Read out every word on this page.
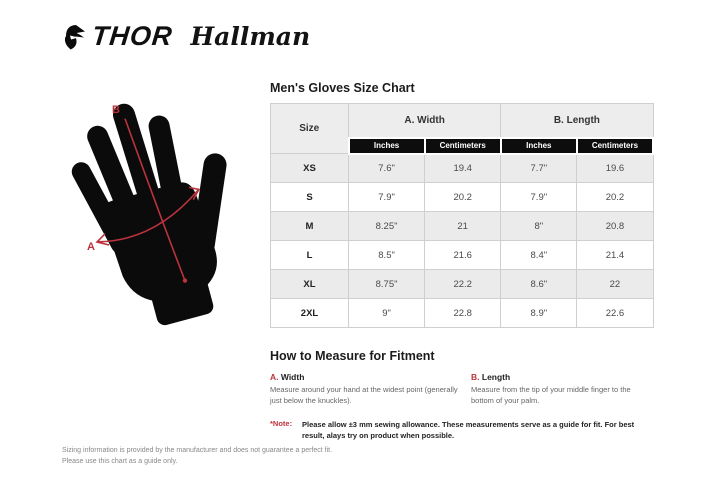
THOR Hallman
A
B
Men's Gloves Size Chart
Size	A. Width		B. Length	
	Inches	Centimeters	Inches	Centimeters
XS	7.6"	19.4	7.7"	19.6
S	7.9"	20.2	7.9"	20.2
M	8.25"	21	8"	20.8
L	8.5"	21.6	8.4"	21.4
XL	8.75"	22.2	8.6"	22
2XL	9"	22.8	8.9"	22.6
How to Measure for Fitment
A. Width

Measure around your hand at the widest point (generally just below the knuckles).

B. Length

Measure from the tip of your middle finger to the bottom of your palm.

*Note:	Please allow ±3 mm sewing allowance. These measurements serve as a guide for fit. For best result, alays try on product when possible.
Sizing information is provided by the manufacturer and does not guarantee a perfect fit.
Please use this chart as a guide only.
